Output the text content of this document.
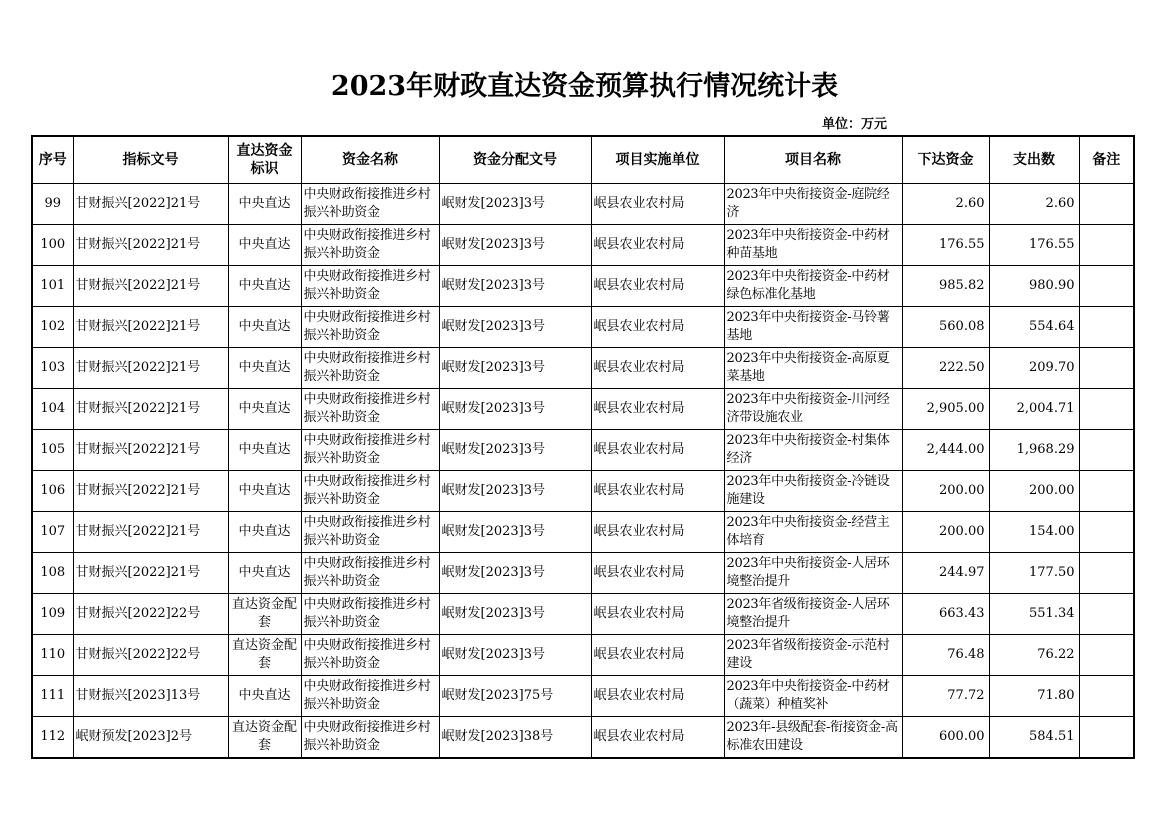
2023年财政直达资金预算执行情况统计表
单位：万元
序号	指标文号	直达资金标识	资金名称	资金分配文号	项目实施单位	项目名称	下达资金	支出数	备注
99	甘财振兴[2022]21号	中央直达	中央财政衔接推进乡村振兴补助资金	岷财发[2023]3号	岷县农业农村局	2023年中央衔接资金-庭院经济	2.60	2.60	
100	甘财振兴[2022]21号	中央直达	中央财政衔接推进乡村振兴补助资金	岷财发[2023]3号	岷县农业农村局	2023年中央衔接资金-中药材种苗基地	176.55	176.55	
101	甘财振兴[2022]21号	中央直达	中央财政衔接推进乡村振兴补助资金	岷财发[2023]3号	岷县农业农村局	2023年中央衔接资金-中药材绿色标准化基地	985.82	980.90	
102	甘财振兴[2022]21号	中央直达	中央财政衔接推进乡村振兴补助资金	岷财发[2023]3号	岷县农业农村局	2023年中央衔接资金-马铃薯基地	560.08	554.64	
103	甘财振兴[2022]21号	中央直达	中央财政衔接推进乡村振兴补助资金	岷财发[2023]3号	岷县农业农村局	2023年中央衔接资金-高原夏菜基地	222.50	209.70	
104	甘财振兴[2022]21号	中央直达	中央财政衔接推进乡村振兴补助资金	岷财发[2023]3号	岷县农业农村局	2023年中央衔接资金-川河经济带设施农业	2,905.00	2,004.71	
105	甘财振兴[2022]21号	中央直达	中央财政衔接推进乡村振兴补助资金	岷财发[2023]3号	岷县农业农村局	2023年中央衔接资金-村集体经济	2,444.00	1,968.29	
106	甘财振兴[2022]21号	中央直达	中央财政衔接推进乡村振兴补助资金	岷财发[2023]3号	岷县农业农村局	2023年中央衔接资金-冷链设施建设	200.00	200.00	
107	甘财振兴[2022]21号	中央直达	中央财政衔接推进乡村振兴补助资金	岷财发[2023]3号	岷县农业农村局	2023年中央衔接资金-经营主体培育	200.00	154.00	
108	甘财振兴[2022]21号	中央直达	中央财政衔接推进乡村振兴补助资金	岷财发[2023]3号	岷县农业农村局	2023年中央衔接资金-人居环境整治提升	244.97	177.50	
109	甘财振兴[2022]22号	直达资金配套	中央财政衔接推进乡村振兴补助资金	岷财发[2023]3号	岷县农业农村局	2023年省级衔接资金-人居环境整治提升	663.43	551.34	
110	甘财振兴[2022]22号	直达资金配套	中央财政衔接推进乡村振兴补助资金	岷财发[2023]3号	岷县农业农村局	2023年省级衔接资金-示范村建设	76.48	76.22	
111	甘财振兴[2023]13号	中央直达	中央财政衔接推进乡村振兴补助资金	岷财发[2023]75号	岷县农业农村局	2023年中央衔接资金-中药材（蔬菜）种植奖补	77.72	71.80	
112	岷财预发[2023]2号	直达资金配套	中央财政衔接推进乡村振兴补助资金	岷财发[2023]38号	岷县农业农村局	2023年-县级配套-衔接资金-高标准农田建设	600.00	584.51	
